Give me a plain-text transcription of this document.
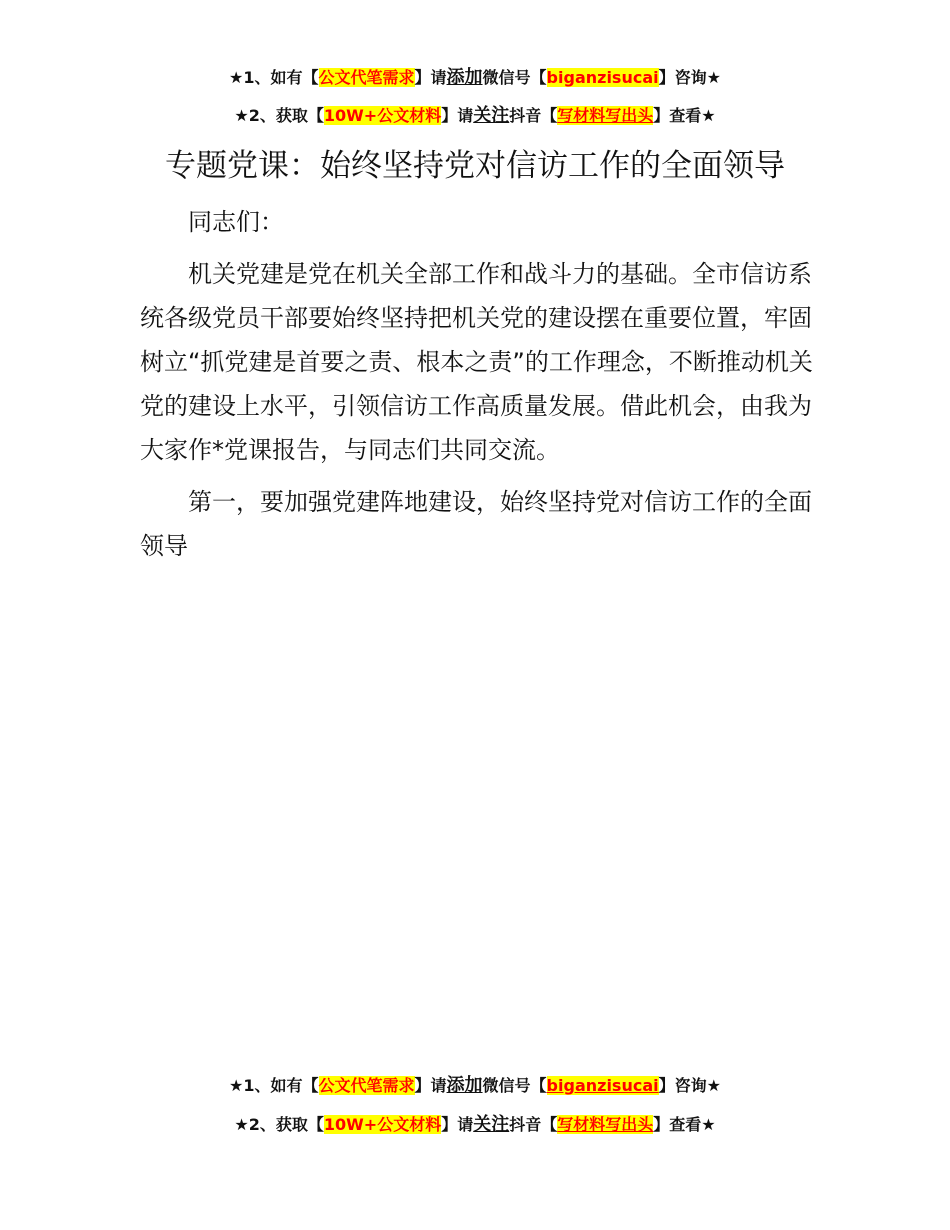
★1、如有【公文代笔需求】请添加微信号【biganzisucai】咨询★
★2、获取【10W+公文材料】请关注抖音【写材料写出头】查看★
专题党课：始终坚持党对信访工作的全面领导

同志们：

机关党建是党在机关全部工作和战斗力的基础。全市信访系统各级党员干部要始终坚持把机关党的建设摆在重要位置，牢固树立“抓党建是首要之责、根本之责”的工作理念，不断推动机关党的建设上水平，引领信访工作高质量发展。借此机会，由我为大家作*党课报告，与同志们共同交流。

第一，要加强党建阵地建设，始终坚持党对信访工作的全面领导

★1、如有【公文代笔需求】请添加微信号【biganzisucai】咨询★
★2、获取【10W+公文材料】请关注抖音【写材料写出头】查看★
